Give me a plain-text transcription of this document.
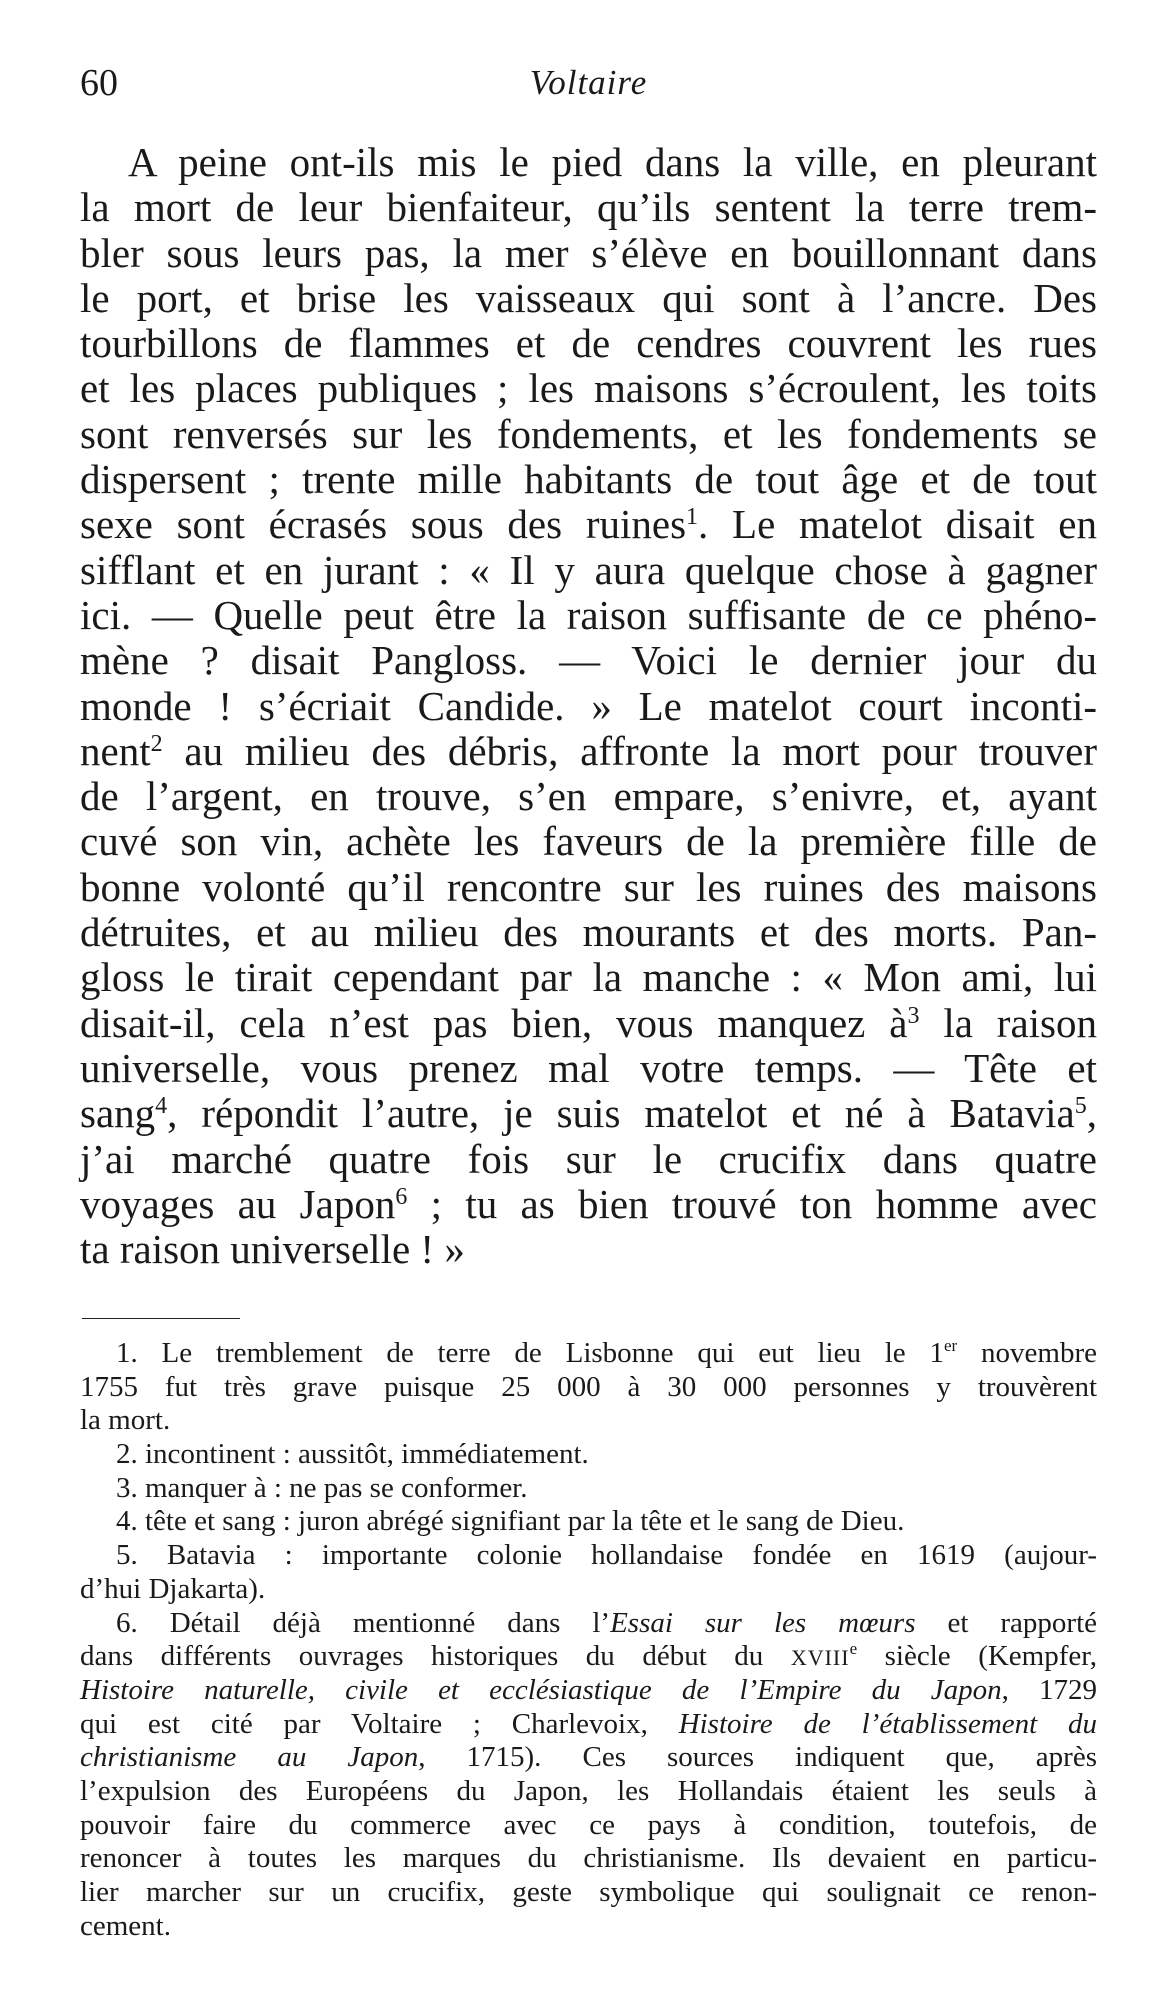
60	Voltaire
A peine ont-ils mis le pied dans la ville, en pleurant
la mort de leur bienfaiteur, qu’ils sentent la terre trem-
bler sous leurs pas, la mer s’élève en bouillonnant dans
le port, et brise les vaisseaux qui sont à l’ancre. Des
tourbillons de flammes et de cendres couvrent les rues
et les places publiques ; les maisons s’écroulent, les toits
sont renversés sur les fondements, et les fondements se
dispersent ; trente mille habitants de tout âge et de tout
sexe sont écrasés sous des ruines$^1$. Le matelot disait en
sifflant et en jurant : « Il y aura quelque chose à gagner
ici. — Quelle peut être la raison suffisante de ce phéno-
mène ? disait Pangloss. — Voici le dernier jour du
monde ! s’écriait Candide. » Le matelot court inconti-
nent$^2$ au milieu des débris, affronte la mort pour trouver
de l’argent, en trouve, s’en empare, s’enivre, et, ayant
cuvé son vin, achète les faveurs de la première fille de
bonne volonté qu’il rencontre sur les ruines des maisons
détruites, et au milieu des mourants et des morts. Pan-
gloss le tirait cependant par la manche : « Mon ami, lui
disait-il, cela n’est pas bien, vous manquez à$^3$ la raison
universelle, vous prenez mal votre temps. — Tête et
sang$^4$, répondit l’autre, je suis matelot et né à Batavia$^5$,
j’ai marché quatre fois sur le crucifix dans quatre
voyages au Japon$^6$ ; tu as bien trouvé ton homme avec
ta raison universelle ! »
1. Le tremblement de terre de Lisbonne qui eut lieu le 1er novembre
1755 fut très grave puisque 25 000 à 30 000 personnes y trouvèrent
la mort.
2. incontinent : aussitôt, immédiatement.
3. manquer à : ne pas se conformer.
4. tête et sang : juron abrégé signifiant par la tête et le sang de Dieu.
5. Batavia : importante colonie hollandaise fondée en 1619 (aujour-
d’hui Djakarta).
6. Détail déjà mentionné dans l’Essai sur les mœurs et rapporté
dans différents ouvrages historiques du début du XVIIIe siècle (Kempfer,
Histoire naturelle, civile et ecclésiastique de l’Empire du Japon, 1729
qui est cité par Voltaire ; Charlevoix, Histoire de l’établissement du
christianisme au Japon, 1715). Ces sources indiquent que, après
l’expulsion des Européens du Japon, les Hollandais étaient les seuls à
pouvoir faire du commerce avec ce pays à condition, toutefois, de
renoncer à toutes les marques du christianisme. Ils devaient en particu-
lier marcher sur un crucifix, geste symbolique qui soulignait ce renon-
cement.
